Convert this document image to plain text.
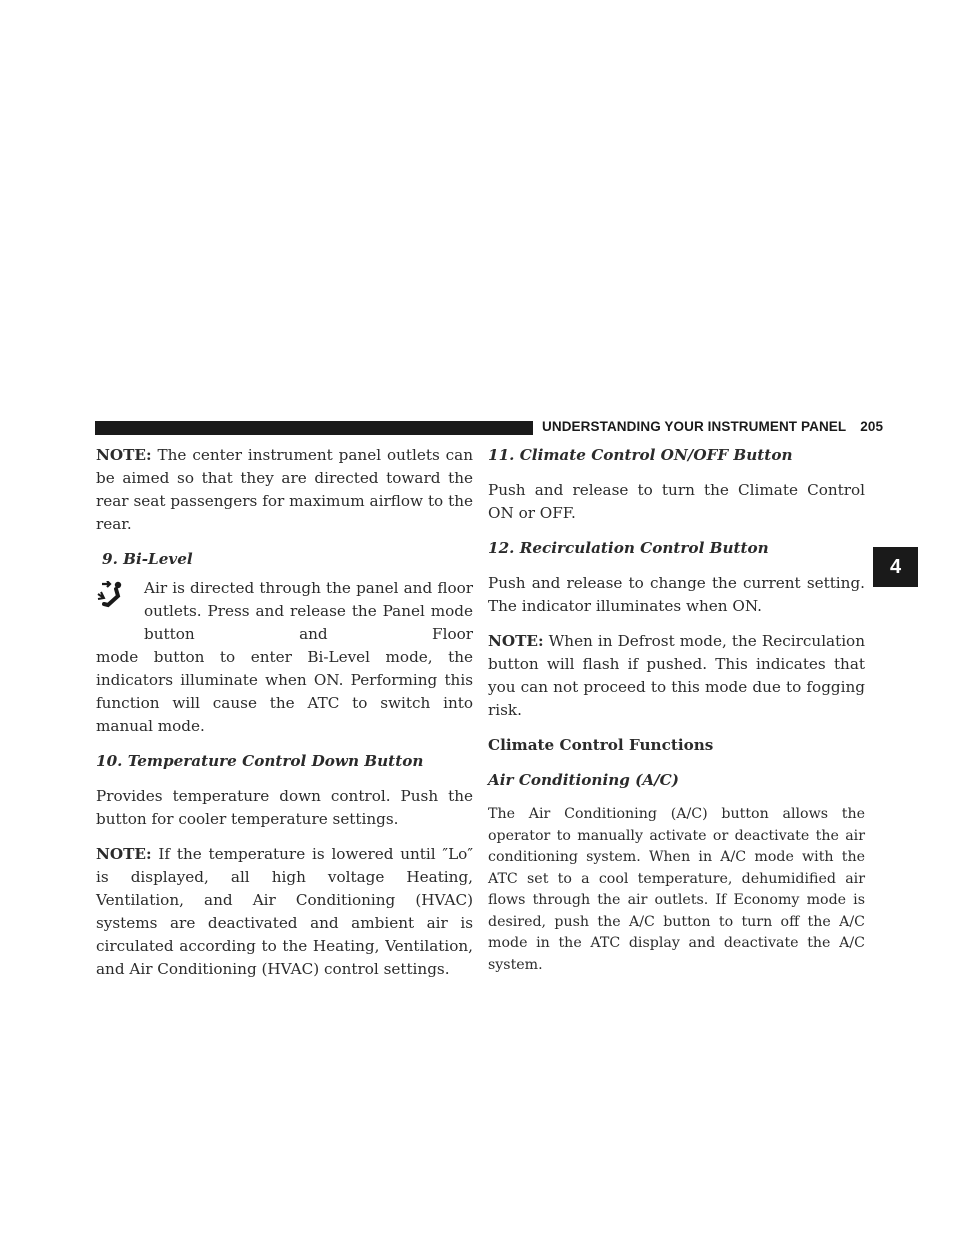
UNDERSTANDING YOUR INSTRUMENT PANEL 205
4

NOTE: The center instrument panel outlets can be aimed so that they are directed toward the rear seat passengers for maximum airflow to the rear.

9. Bi-Level

Air is directed through the panel and floor outlets. Press and release the Panel mode button and Floor

mode button to enter Bi-Level mode, the indicators illuminate when ON. Performing this function will cause the ATC to switch into manual mode.

10. Temperature Control Down Button

Provides temperature down control. Push the button for cooler temperature settings.

NOTE: If the temperature is lowered until ″Lo″ is displayed, all high voltage Heating, Ventilation, and Air Conditioning (HVAC) systems are deactivated and ambient air is circulated according to the Heating, Ventilation, and Air Conditioning (HVAC) control settings.

11. Climate Control ON/OFF Button

Push and release to turn the Climate Control ON or OFF.

12. Recirculation Control Button

Push and release to change the current setting. The indicator illuminates when ON.

NOTE: When in Defrost mode, the Recirculation button will flash if pushed. This indicates that you can not proceed to this mode due to fogging risk.

Climate Control Functions
Air Conditioning (A/C)

The Air Conditioning (A/C) button allows the operator to manually activate or deactivate the air conditioning system. When in A/C mode with the ATC set to a cool temperature, dehumidified air flows through the air outlets. If Economy mode is desired, push the A/C button to turn off the A/C mode in the ATC display and deactivate the A/C system.
